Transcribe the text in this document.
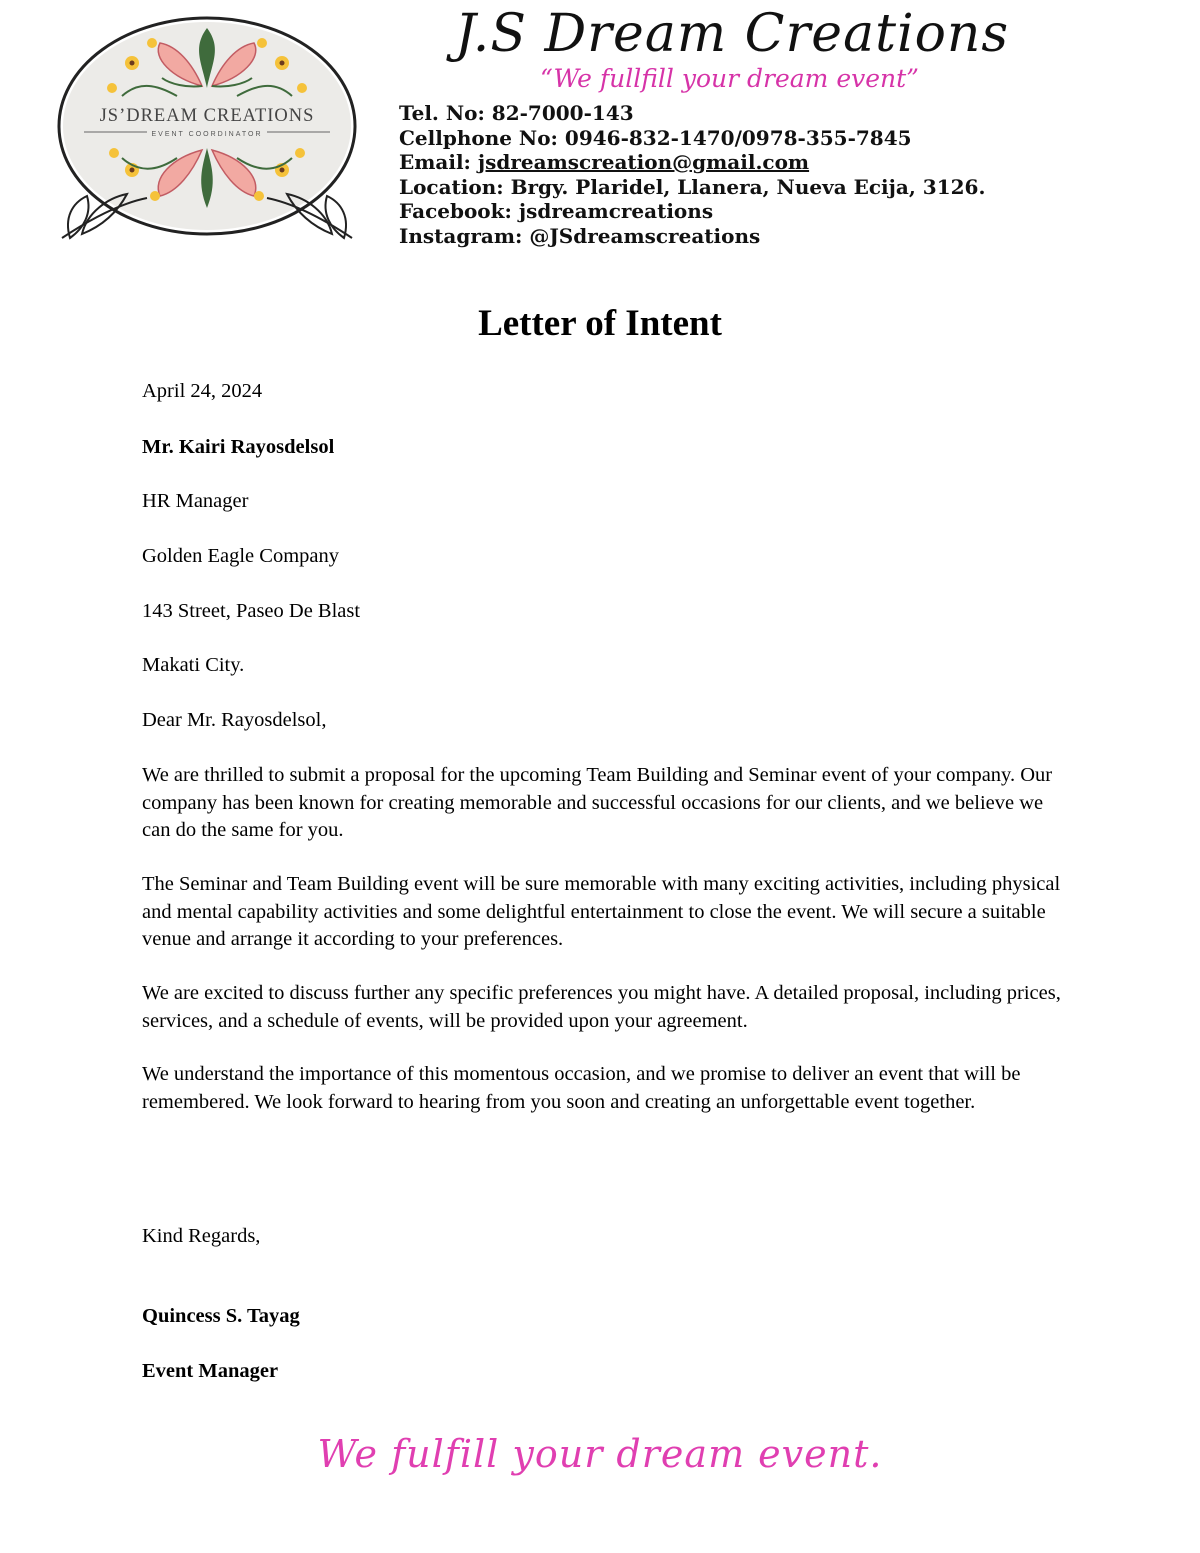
JS’DREAM CREATIONS
EVENT COORDINATOR
J.S Dream Creations
“We fullfill your dream event”
Tel. No: 82-7000-143
Cellphone No: 0946-832-1470/0978-355-7845
Email: jsdreamscreation@gmail.com
Location: Brgy. Plaridel, Llanera, Nueva Ecija, 3126.
Facebook: jsdreamcreations
Instagram: @JSdreamscreations
Letter of Intent
April 24, 2024
Mr. Kairi Rayosdelsol
HR Manager
Golden Eagle Company
143 Street, Paseo De Blast
Makati City.
Dear Mr. Rayosdelsol,

We are thrilled to submit a proposal for the upcoming Team Building and Seminar event of your company. Our company has been known for creating memorable and successful occasions for our clients, and we believe we can do the same for you.

The Seminar and Team Building event will be sure memorable with many exciting activities, including physical and mental capability activities and some delightful entertainment to close the event. We will secure a suitable venue and arrange it according to your preferences.

We are excited to discuss further any specific preferences you might have. A detailed proposal, including prices, services, and a schedule of events, will be provided upon your agreement.

We understand the importance of this momentous occasion, and we promise to deliver an event that will be remembered. We look forward to hearing from you soon and creating an unforgettable event together.

Kind Regards,
Quincess S. Tayag
Event Manager
We fulfill your dream event.
